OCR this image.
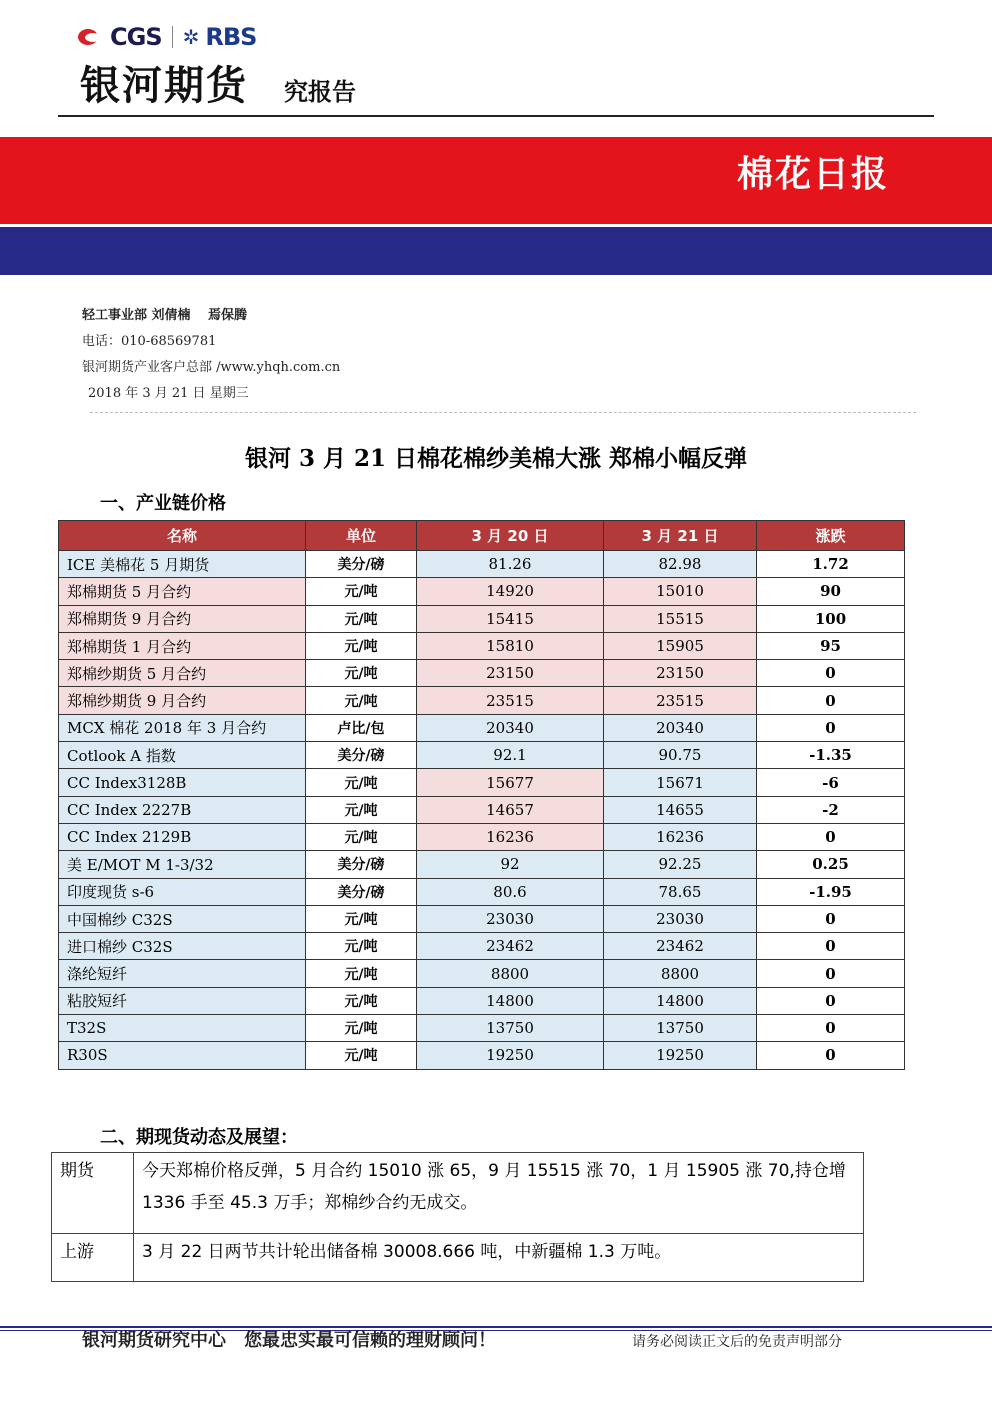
CGS ✲ RBS
银河期货 究报告
棉花日报
轻工事业部 刘倩楠　 焉保腾
电话：010-68569781
银河期货产业客户总部 /www.yhqh.com.cn
2018 年 3 月 21 日 星期三
银河 3 月 21 日棉花棉纱美棉大涨 郑棉小幅反弹
一、产业链价格
名称	单位	3 月 20 日	3 月 21 日	涨跌
ICE 美棉花 5 月期货	美分/磅	81.26	82.98	1.72
郑棉期货 5 月合约	元/吨	14920	15010	90
郑棉期货 9 月合约	元/吨	15415	15515	100
郑棉期货 1 月合约	元/吨	15810	15905	95
郑棉纱期货 5 月合约	元/吨	23150	23150	0
郑棉纱期货 9 月合约	元/吨	23515	23515	0
MCX 棉花 2018 年 3 月合约	卢比/包	20340	20340	0
Cotlook A 指数	美分/磅	92.1	90.75	-1.35
CC Index3128B	元/吨	15677	15671	-6
CC Index 2227B	元/吨	14657	14655	-2
CC Index 2129B	元/吨	16236	16236	0
美 E/MOT M 1-3/32	美分/磅	92	92.25	0.25
印度现货 s-6	美分/磅	80.6	78.65	-1.95
中国棉纱 C32S	元/吨	23030	23030	0
进口棉纱 C32S	元/吨	23462	23462	0
涤纶短纤	元/吨	8800	8800	0
粘胶短纤	元/吨	14800	14800	0
T32S	元/吨	13750	13750	0
R30S	元/吨	19250	19250	0
二、期现货动态及展望：
期货	今天郑棉价格反弹，5 月合约 15010 涨 65，9 月 15515 涨 70，1 月 15905 涨 70,持仓增 1336 手至 45.3 万手；郑棉纱合约无成交。
上游	3 月 22 日两节共计轮出储备棉 30008.666 吨，中新疆棉 1.3 万吨。
银河期货研究中心　您最忠实最可信赖的理财顾问！	请务必阅读正文后的免责声明部分
